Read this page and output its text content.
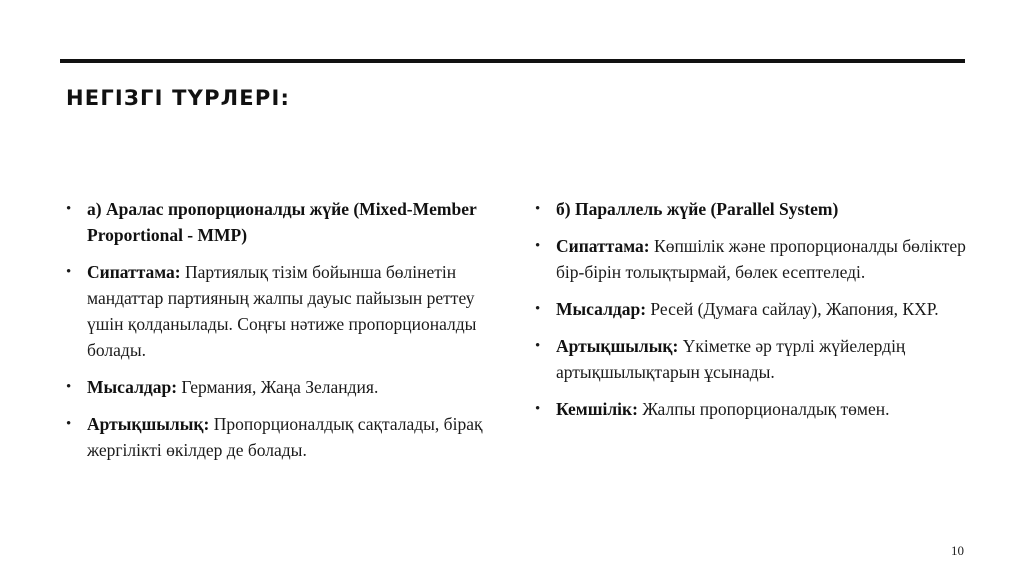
НЕГІЗГІ ТҮРЛЕРІ:
• а) Аралас пропорционалды жүйе (Mixed-Member Proportional - MMP)
• Сипаттама: Партиялық тізім бойынша бөлінетін мандаттар партияның жалпы дауыс пайызын реттеу үшін қолданылады. Соңғы нәтиже пропорционалды болады.
• Мысалдар: Германия, Жаңа Зеландия.
• Артықшылық: Пропорционалдық сақталады, бірақ жергілікті өкілдер де болады.
• б) Параллель жүйе (Parallel System)
• Сипаттама: Көпшілік және пропорционалды бөліктер бір-бірін толықтырмай, бөлек есептеледі.
• Мысалдар: Ресей (Думаға сайлау), Жапония, КХР.
• Артықшылық: Үкіметке әр түрлі жүйелердің артықшылықтарын ұсынады.
• Кемшілік: Жалпы пропорционалдық төмен.
10
